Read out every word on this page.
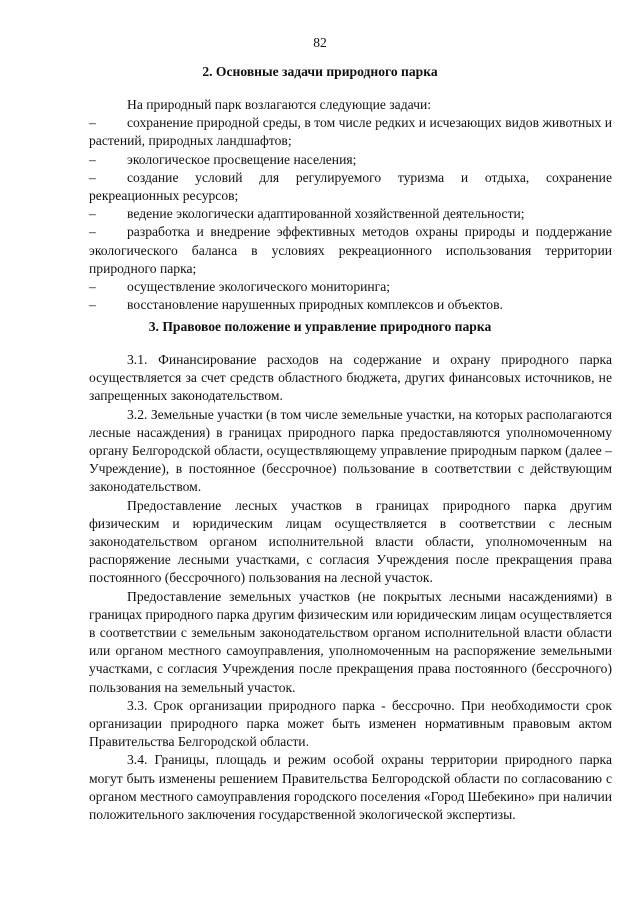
82
2. Основные задачи природного парка

На природный парк возлагаются следующие задачи:

– сохранение природной среды, в том числе редких и исчезающих видов животных и растений, природных ландшафтов;

– экологическое просвещение населения;

– создание условий для регулируемого туризма и отдыха, сохранение рекреационных ресурсов;

– ведение экологически адаптированной хозяйственной деятельности;

– разработка и внедрение эффективных методов охраны природы и поддержание экологического баланса в условиях рекреационного использования территории природного парка;

– осуществление экологического мониторинга;

– восстановление нарушенных природных комплексов и объектов.

3. Правовое положение и управление природного парка

3.1. Финансирование расходов на содержание и охрану природного парка осуществляется за счет средств областного бюджета, других финансовых источников, не запрещенных законодательством.

3.2. Земельные участки (в том числе земельные участки, на которых располагаются лесные насаждения) в границах природного парка предоставляются уполномоченному органу Белгородской области, осуществляющему управление природным парком (далее – Учреждение), в постоянное (бессрочное) пользование в соответствии с действующим законодательством.

Предоставление лесных участков в границах природного парка другим физическим и юридическим лицам осуществляется в соответствии с лесным законодательством органом исполнительной власти области, уполномоченным на распоряжение лесными участками, с согласия Учреждения после прекращения права постоянного (бессрочного) пользования на лесной участок.

Предоставление земельных участков (не покрытых лесными насаждениями) в границах природного парка другим физическим или юридическим лицам осуществляется в соответствии с земельным законодательством органом исполнительной власти области или органом местного самоуправления, уполномоченным на распоряжение земельными участками, с согласия Учреждения после прекращения права постоянного (бессрочного) пользования на земельный участок.

3.3. Срок организации природного парка - бессрочно. При необходимости срок организации природного парка может быть изменен нормативным правовым актом Правительства Белгородской области.

3.4. Границы, площадь и режим особой охраны территории природного парка могут быть изменены решением Правительства Белгородской области по согласованию с органом местного самоуправления городского поселения «Город Шебекино» при наличии положительного заключения государственной экологической экспертизы.
